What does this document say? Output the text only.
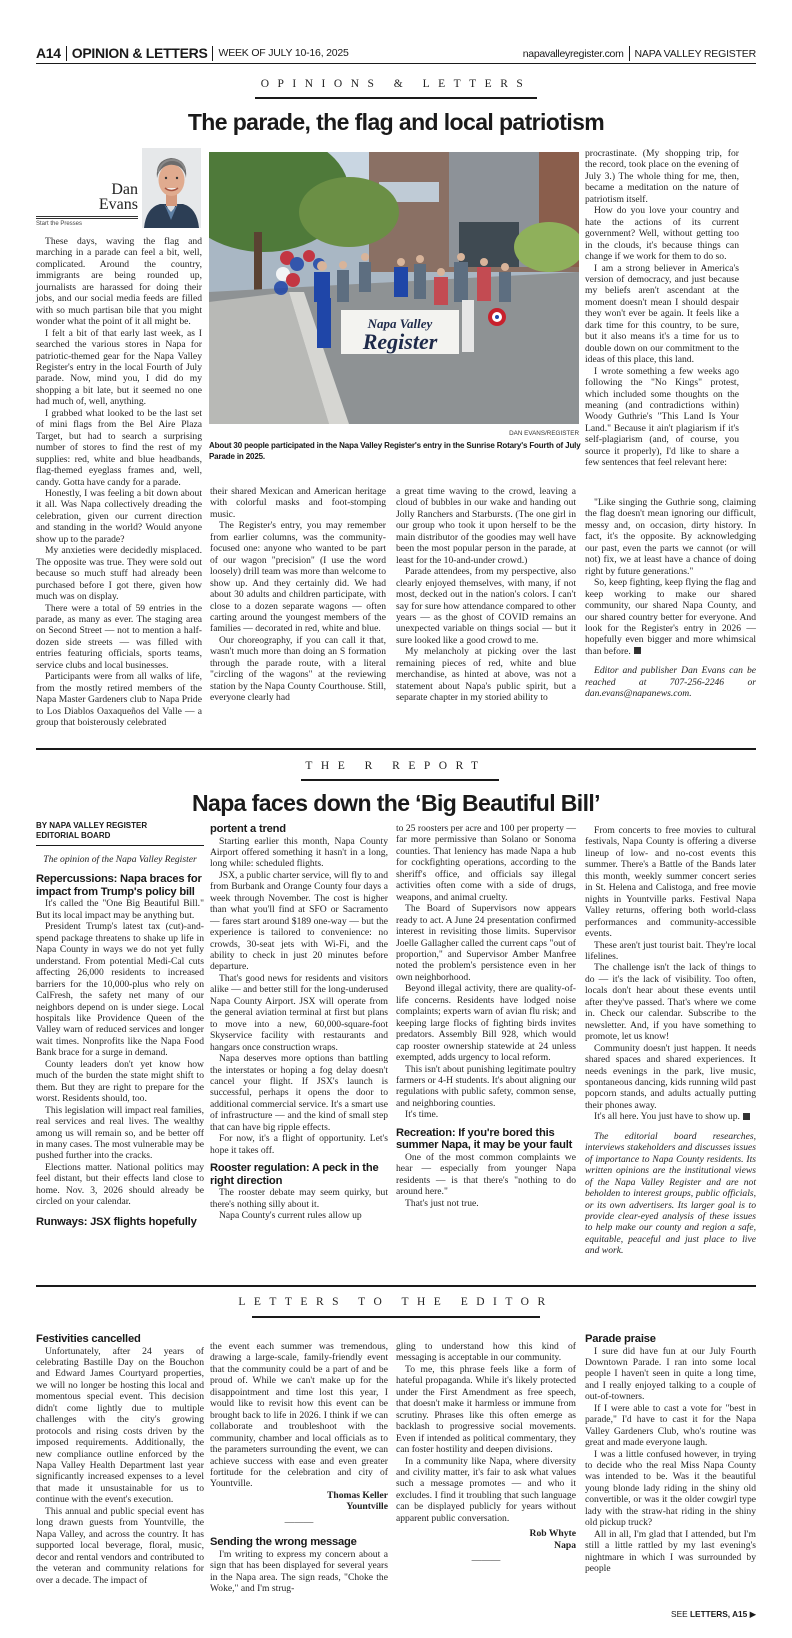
A14 OPINION & LETTERS WEEK OF JULY 10-16, 2025	napavalleyregister.com NAPA VALLEY REGISTER
OPINIONS & LETTERS
The parade, the flag and local patriotism
Dan
Evans
Start the Presses
Napa Valley
Register
DAN EVANS/REGISTER
About 30 people participated in the Napa Valley Register's entry in the Sunrise Rotary's Fourth of July Parade in 2025.

These days, waving the flag and marching in a parade can feel a bit, well, complicated. Around the country, immigrants are being rounded up, journalists are harassed for doing their jobs, and our social media feeds are filled with so much partisan bile that you might wonder what the point of it all might be.

I felt a bit of that early last week, as I searched the various stores in Napa for patriotic-themed gear for the Napa Valley Register's entry in the local Fourth of July parade. Now, mind you, I did do my shopping a bit late, but it seemed no one had much of, well, anything.

I grabbed what looked to be the last set of mini flags from the Bel Aire Plaza Target, but had to search a surprising number of stores to find the rest of my supplies: red, white and blue headbands, flag-themed eyeglass frames and, well, candy. Gotta have candy for a parade.

Honestly, I was feeling a bit down about it all. Was Napa collectively dreading the celebration, given our current direction and standing in the world? Would anyone show up to the parade?

My anxieties were decidedly misplaced. The opposite was true. They were sold out because so much stuff had already been purchased before I got there, given how much was on display.

There were a total of 59 entries in the parade, as many as ever. The staging area on Second Street — not to mention a half-dozen side streets — was filled with entries featuring officials, sports teams, service clubs and local businesses.

Participants were from all walks of life, from the mostly retired members of the Napa Master Gardeners club to Napa Pride to Los Diablos Oaxaqueños del Valle — a group that boisterously celebrated

their shared Mexican and American heritage with colorful masks and foot-stomping music.

The Register's entry, you may remember from earlier columns, was the community-focused one: anyone who wanted to be part of our wagon "precision" (I use the word loosely) drill team was more than welcome to show up. And they certainly did. We had about 30 adults and children participate, with close to a dozen separate wagons — often carting around the youngest members of the families — decorated in red, white and blue.

Our choreography, if you can call it that, wasn't much more than doing an S formation through the parade route, with a literal "circling of the wagons" at the reviewing station by the Napa County Courthouse. Still, everyone clearly had

a great time waving to the crowd, leaving a cloud of bubbles in our wake and handing out Jolly Ranchers and Starbursts. (The one girl in our group who took it upon herself to be the main distributor of the goodies may well have been the most popular person in the parade, at least for the 10-and-under crowd.)

Parade attendees, from my perspective, also clearly enjoyed themselves, with many, if not most, decked out in the nation's colors. I can't say for sure how attendance compared to other years — as the ghost of COVID remains an unexpected variable on things social — but it sure looked like a good crowd to me.

My melancholy at picking over the last remaining pieces of red, white and blue merchandise, as hinted at above, was not a statement about Napa's public spirit, but a separate chapter in my storied ability to

procrastinate. (My shopping trip, for the record, took place on the evening of July 3.) The whole thing for me, then, became a meditation on the nature of patriotism itself.

How do you love your country and hate the actions of its current government? Well, without getting too in the clouds, it's because things can change if we work for them to do so.

I am a strong believer in America's version of democracy, and just because my beliefs aren't ascendant at the moment doesn't mean I should despair they won't ever be again. It feels like a dark time for this country, to be sure, but it also means it's a time for us to double down on our commitment to the ideas of this place, this land.

I wrote something a few weeks ago following the "No Kings" protest, which included some thoughts on the meaning (and contradictions within) Woody Guthrie's "This Land Is Your Land." Because it ain't plagiarism if it's self-plagiarism (and, of course, you source it properly), I'd like to share a few sentences that feel relevant here:

"Like singing the Guthrie song, claiming the flag doesn't mean ignoring our difficult, messy and, on occasion, dirty history. In fact, it's the opposite. By acknowledging our past, even the parts we cannot (or will not) fix, we at least have a chance of doing right by future generations."

So, keep fighting, keep flying the flag and keep working to make our shared community, our shared Napa County, and our shared country better for everyone. And look for the Register's entry in 2026 — hopefully even bigger and more whimsical than before.

Editor and publisher Dan Evans can be reached at 707-256-2246 or dan.evans@napanews.com.

THE R REPORT
Napa faces down the ‘Big Beautiful Bill’
BY NAPA VALLEY REGISTER
EDITORIAL BOARD

The opinion of the Napa Valley Register

Repercussions: Napa braces for impact from Trump's policy bill

It's called the "One Big Beautiful Bill." But its local impact may be anything but.

President Trump's latest tax (cut)-and-spend package threatens to shake up life in Napa County in ways we do not yet fully understand. From potential Medi-Cal cuts affecting 26,000 residents to increased barriers for the 10,000-plus who rely on CalFresh, the safety net many of our neighbors depend on is under siege. Local hospitals like Providence Queen of the Valley warn of reduced services and longer wait times. Nonprofits like the Napa Food Bank brace for a surge in demand.

County leaders don't yet know how much of the burden the state might shift to them. But they are right to prepare for the worst. Residents should, too.

This legislation will impact real families, real services and real lives. The wealthy among us will remain so, and be better off in many cases. The most vulnerable may be pushed further into the cracks.

Elections matter. National politics may feel distant, but their effects land close to home. Nov. 3, 2026 should already be circled on your calendar.

Runways: JSX flights hopefully

portent a trend

Starting earlier this month, Napa County Airport offered something it hasn't in a long, long while: scheduled flights.

JSX, a public charter service, will fly to and from Burbank and Orange County four days a week through November. The cost is higher than what you'll find at SFO or Sacramento — fares start around $189 one-way — but the experience is tailored to convenience: no crowds, 30-seat jets with Wi-Fi, and the ability to check in just 20 minutes before departure.

That's good news for residents and visitors alike — and better still for the long-underused Napa County Airport. JSX will operate from the general aviation terminal at first but plans to move into a new, 60,000-square-foot Skyservice facility with restaurants and hangars once construction wraps.

Napa deserves more options than battling the interstates or hoping a fog delay doesn't cancel your flight. If JSX's launch is successful, perhaps it opens the door to additional commercial service. It's a smart use of infrastructure — and the kind of small step that can have big ripple effects.

For now, it's a flight of opportunity. Let's hope it takes off.

Rooster regulation: A peck in the right direction

The rooster debate may seem quirky, but there's nothing silly about it.

Napa County's current rules allow up

to 25 roosters per acre and 100 per property — far more permissive than Solano or Sonoma counties. That leniency has made Napa a hub for cockfighting operations, according to the sheriff's office, and officials say illegal activities often come with a side of drugs, weapons, and animal cruelty.

The Board of Supervisors now appears ready to act. A June 24 presentation confirmed interest in revisiting those limits. Supervisor Joelle Gallagher called the current caps "out of proportion," and Supervisor Amber Manfree noted the problem's persistence even in her own neighborhood.

Beyond illegal activity, there are quality-of-life concerns. Residents have lodged noise complaints; experts warn of avian flu risk; and keeping large flocks of fighting birds invites predators. Assembly Bill 928, which would cap rooster ownership statewide at 24 unless exempted, adds urgency to local reform.

This isn't about punishing legitimate poultry farmers or 4-H students. It's about aligning our regulations with public safety, common sense, and neighboring counties.

It's time.

Recreation: If you're bored this summer Napa, it may be your fault

One of the most common complaints we hear — especially from younger Napa residents — is that there's "nothing to do around here."

That's just not true.

From concerts to free movies to cultural festivals, Napa County is offering a diverse lineup of low- and no-cost events this summer. There's a Battle of the Bands later this month, weekly summer concert series in St. Helena and Calistoga, and free movie nights in Yountville parks. Festival Napa Valley returns, offering both world-class performances and community-accessible events.

These aren't just tourist bait. They're local lifelines.

The challenge isn't the lack of things to do — it's the lack of visibility. Too often, locals don't hear about these events until after they've passed. That's where we come in. Check our calendar. Subscribe to the newsletter. And, if you have something to promote, let us know!

Community doesn't just happen. It needs shared spaces and shared experiences. It needs evenings in the park, live music, spontaneous dancing, kids running wild past popcorn stands, and adults actually putting their phones away.

It's all here. You just have to show up.

The editorial board researches, interviews stakeholders and discusses issues of importance to Napa County residents. Its written opinions are the institutional views of the Napa Valley Register and are not beholden to interest groups, public officials, or its own advertisers. Its larger goal is to provide clear-eyed analysis of these issues to help make our county and region a safe, equitable, peaceful and just place to live and work.

LETTERS TO THE EDITOR

Festivities cancelled

Unfortunately, after 24 years of celebrating Bastille Day on the Bouchon and Edward James Courtyard properties, we will no longer be hosting this local and momentous special event. This decision didn't come lightly due to multiple challenges with the city's growing protocols and rising costs driven by the imposed requirements. Additionally, the new compliance outline enforced by the Napa Valley Health Department last year significantly increased expenses to a level that made it unsustainable for us to continue with the event's execution.

This annual and public special event has long drawn guests from Yountville, the Napa Valley, and across the country. It has supported local beverage, floral, music, decor and rental vendors and contributed to the veteran and community relations for over a decade. The impact of

the event each summer was tremendous, drawing a large-scale, family-friendly event that the community could be a part of and be proud of. While we can't make up for the disappointment and time lost this year, I would like to revisit how this event can be brought back to life in 2026. I think if we can collaborate and troubleshoot with the community, chamber and local officials as to the parameters surrounding the event, we can achieve success with ease and even greater fortitude for the celebration and city of Yountville.

Thomas Keller

Yountville

———

Sending the wrong message

I'm writing to express my concern about a sign that has been displayed for several years in the Napa area. The sign reads, "Choke the Woke," and I'm strug-

gling to understand how this kind of messaging is acceptable in our community.

To me, this phrase feels like a form of hateful propaganda. While it's likely protected under the First Amendment as free speech, that doesn't make it harmless or immune from scrutiny. Phrases like this often emerge as backlash to progressive social movements. Even if intended as political commentary, they can foster hostility and deepen divisions.

In a community like Napa, where diversity and civility matter, it's fair to ask what values such a message promotes — and who it excludes. I find it troubling that such language can be displayed publicly for years without apparent public conversation.

Rob Whyte

Napa

———

Parade praise

I sure did have fun at our July Fourth Downtown Parade. I ran into some local people I haven't seen in quite a long time, and I really enjoyed talking to a couple of out-of-towners.

If I were able to cast a vote for "best in parade," I'd have to cast it for the Napa Valley Gardeners Club, who's routine was great and made everyone laugh.

I was a little confused however, in trying to decide who the real Miss Napa County was intended to be. Was it the beautiful young blonde lady riding in the shiny old convertible, or was it the older cowgirl type lady with the straw-hat riding in the shiny old pickup truck?

All in all, I'm glad that I attended, but I'm still a little rattled by my last evening's nightmare in which I was surrounded by people

SEE LETTERS, A15 ▶
